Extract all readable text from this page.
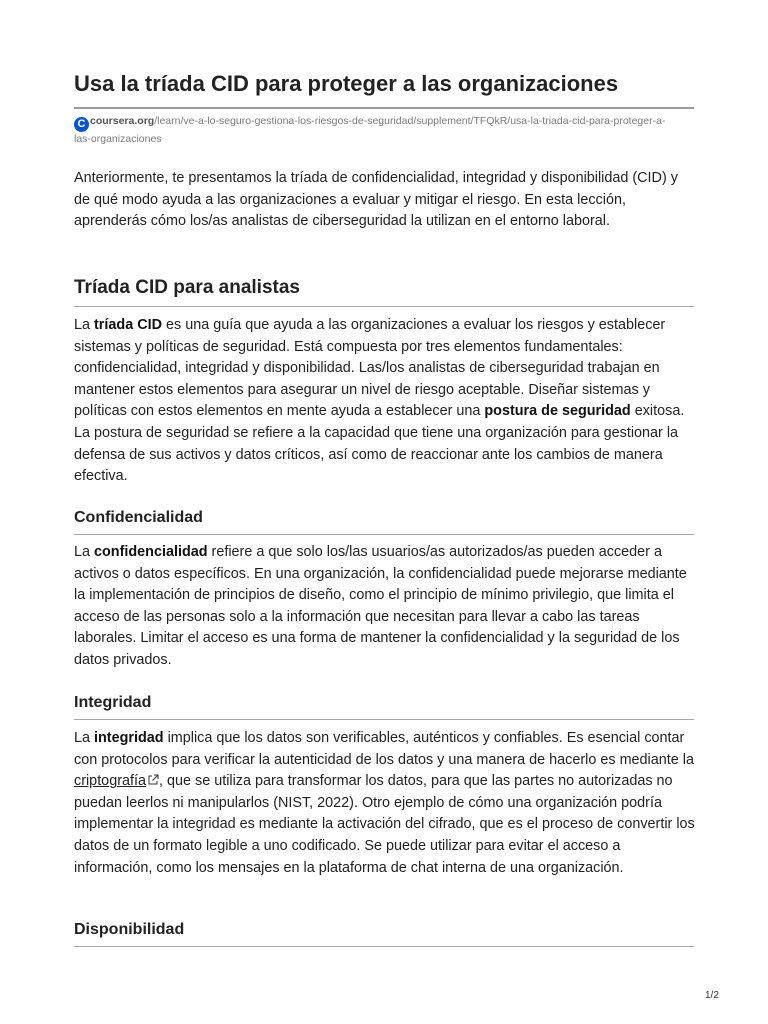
Usa la tríada CID para proteger a las organizaciones
C coursera.org/learn/ve-a-lo-seguro-gestiona-los-riesgos-de-seguridad/supplement/TFQkR/usa-la-triada-cid-para-proteger-a-las-organizaciones

Anteriormente, te presentamos la tríada de confidencialidad, integridad y disponibilidad (CID) y de qué modo ayuda a las organizaciones a evaluar y mitigar el riesgo. En esta lección, aprenderás cómo los/as analistas de ciberseguridad la utilizan en el entorno laboral.

Tríada CID para analistas

La tríada CID es una guía que ayuda a las organizaciones a evaluar los riesgos y establecer sistemas y políticas de seguridad. Está compuesta por tres elementos fundamentales: confidencialidad, integridad y disponibilidad. Las/los analistas de ciberseguridad trabajan en mantener estos elementos para asegurar un nivel de riesgo aceptable. Diseñar sistemas y políticas con estos elementos en mente ayuda a establecer una postura de seguridad exitosa. La postura de seguridad se refiere a la capacidad que tiene una organización para gestionar la defensa de sus activos y datos críticos, así como de reaccionar ante los cambios de manera efectiva.

Confidencialidad

La confidencialidad refiere a que solo los/las usuarios/as autorizados/as pueden acceder a activos o datos específicos. En una organización, la confidencialidad puede mejorarse mediante la implementación de principios de diseño, como el principio de mínimo privilegio, que limita el acceso de las personas solo a la información que necesitan para llevar a cabo las tareas laborales. Limitar el acceso es una forma de mantener la confidencialidad y la seguridad de los datos privados.

Integridad

La integridad implica que los datos son verificables, auténticos y confiables. Es esencial contar con protocolos para verificar la autenticidad de los datos y una manera de hacerlo es mediante la criptografía , que se utiliza para transformar los datos, para que las partes no autorizadas no puedan leerlos ni manipularlos (NIST, 2022). Otro ejemplo de cómo una organización podría implementar la integridad es mediante la activación del cifrado, que es el proceso de convertir los datos de un formato legible a uno codificado. Se puede utilizar para evitar el acceso a información, como los mensajes en la plataforma de chat interna de una organización.

Disponibilidad
1/2
